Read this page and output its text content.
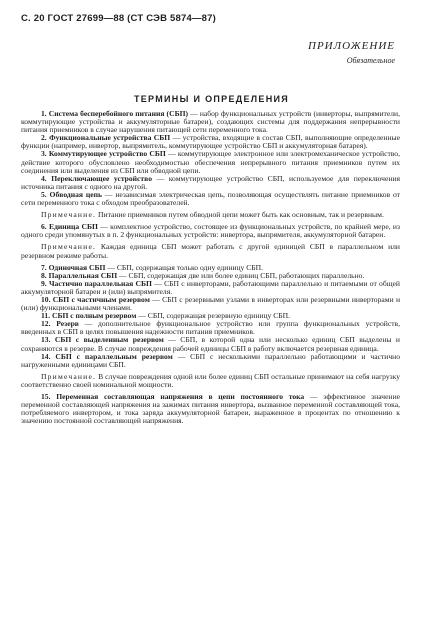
С. 20 ГОСТ 27699—88 (СТ СЭВ 5874—87)
ПРИЛОЖЕНИЕ
Обязательное
ТЕРМИНЫ И ОПРЕДЕЛЕНИЯ

1. Система бесперебойного питания (СБП) — набор функциональных устройств (инверторы, выпрямители, коммутирующие устройства и аккумуляторные батареи), создающих системы для поддержания непрерывности питания приемников в случае нарушения питающей сети переменного тока.

2. Функциональные устройства СБП — устройства, входящие в состав СБП, выполняющие определенные функции (например, инвертор, выпрямитель, коммутирующее устройство СБП и аккумуляторная батарея).

3. Коммутирующее устройство СБП — коммутирующее электронное или электромеханическое устройство, действие которого обусловлено необходимостью обеспечения непрерывного питания приемников путем их соединения или выделения из СБП или обводной цепи.

4. Переключающее устройство — коммутирующее устройство СБП, используемое для переключения источника питания с одного на другой.

5. Обводная цепь — независимая электрическая цепь, позволяющая осуществлять питание приемников от сети переменного тока с обходом преобразователей.

Примечание. Питание приемников путем обводной цепи может быть как основным, так и резервным.

6. Единица СБП — комплектное устройство, состоящее из функциональных устройств, по крайней мере, из одного среди упомянутых в п. 2 функциональных устройств: инвертора, выпрямителя, аккумуляторной батареи.

Примечание. Каждая единица СБП может работать с другой единицей СБП в параллельном или резервном режиме работы.

7. Одиночная СБП — СБП, содержащая только одну единицу СБП.

8. Параллельная СБП — СБП, содержащая две или более единиц СБП, работающих параллельно.

9. Частично параллельная СБП — СБП с инверторами, работающими параллельно и питаемыми от общей аккумуляторной батареи и (или) выпрямителя.

10. СБП с частичным резервом — СБП с резервными узлами в инверторах или резервными инверторами и (или) функциональными членами.

11. СБП с полным резервом — СБП, содержащая резервную единицу СБП.

12. Резерв — дополнительное функциональное устройство или группа функциональных устройств, введенных в СБП в целях повышения надежности питания приемников.

13. СБП с выделенным резервом — СБП, в которой одна или несколько единиц СБП выделены и сохраняются в резерве. В случае повреждения рабочей единицы СБП в работу включается резервная единица.

14. СБП с параллельным резервом — СБП с несколькими параллельно работающими и частично нагруженными единицами СБП.

Примечание. В случае повреждения одной или более единиц СБП остальные принимают на себя нагрузку соответственно своей номинальной мощности.

15. Переменная составляющая напряжения в цепи постоянного тока — эффективное значение переменной составляющей напряжения на зажимах питания инвертора, вызванное переменной составляющей тока, потребляемого инвертором, и тока заряда аккумуляторной батареи, выраженное в процентах по отношению к значению постоянной составляющей напряжения.
